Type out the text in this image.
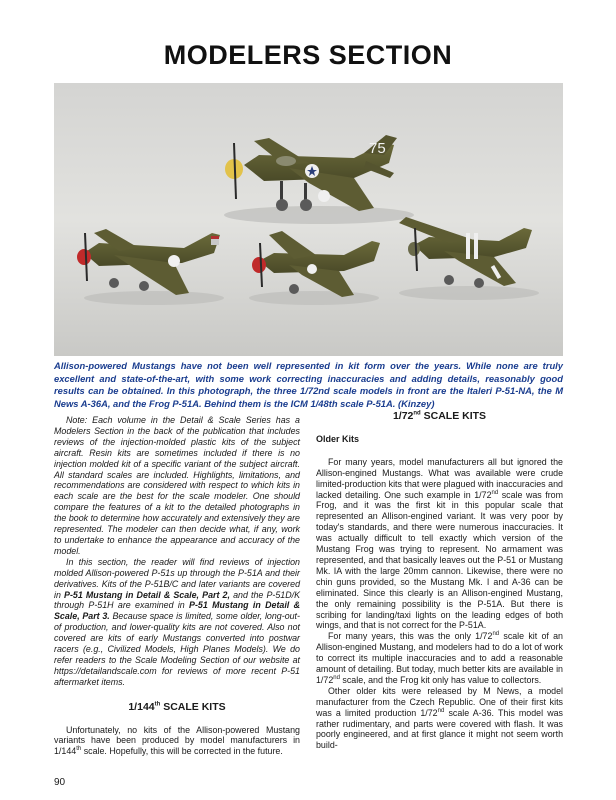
MODELERS SECTION
75
Allison-powered Mustangs have not been well represented in kit form over the years. While none are truly excellent and state-of-the-art, with some work correcting inaccuracies and adding details, reasonably good results can be obtained. In this photograph, the three 1/72nd scale models in front are the Italeri P-51-NA, the M News A-36A, and the Frog P-51A. Behind them is the ICM 1/48th scale P-51A. (Kinzey)

Note: Each volume in the Detail & Scale Series has a Modelers Section in the back of the publication that includes reviews of the injection-molded plastic kits of the subject aircraft. Resin kits are sometimes included if there is no injection molded kit of a specific variant of the subject aircraft. All standard scales are included. Highlights, limitations, and recommendations are considered with respect to which kits in each scale are the best for the scale modeler. One should compare the features of a kit to the detailed photographs in the book to determine how accurately and extensively they are represented. The modeler can then decide what, if any, work to undertake to enhance the appearance and accuracy of the model.

In this section, the reader will find reviews of injection molded Allison-powered P-51s up through the P-51A and their derivatives. Kits of the P-51B/C and later variants are covered in P-51 Mustang in Detail & Scale, Part 2, and the P-51D/K through P-51H are examined in P-51 Mustang in Detail & Scale, Part 3. Because space is limited, some older, long-out-of production, and lower-quality kits are not covered. Also not covered are kits of early Mustangs converted into postwar racers (e.g., Civilized Models, High Planes Models). We do refer readers to the Scale Modeling Section of our website at https://detailandscale.com for reviews of more recent P-51 aftermarket items.

1/144th SCALE KITS

Unfortunately, no kits of the Allison-powered Mustang variants have been produced by model manufacturers in 1/144th scale. Hopefully, this will be corrected in the future.

1/72nd SCALE KITS
Older Kits

For many years, model manufacturers all but ignored the Allison-engined Mustangs. What was available were crude limited-production kits that were plagued with inaccuracies and lacked detailing. One such example in 1/72nd scale was from Frog, and it was the first kit in this popular scale that represented an Allison-engined variant. It was very poor by today's standards, and there were numerous inaccuracies. It was actually difficult to tell exactly which version of the Mustang Frog was trying to represent. No armament was represented, and that basically leaves out the P-51 or Mustang Mk. IA with the large 20mm cannon. Likewise, there were no chin guns provided, so the Mustang Mk. I and A-36 can be eliminated. Since this clearly is an Allison-engined Mustang, the only remaining possibility is the P-51A. But there is scribing for landing/taxi lights on the leading edges of both wings, and that is not correct for the P-51A.

For many years, this was the only 1/72nd scale kit of an Allison-engined Mustang, and modelers had to do a lot of work to correct its multiple inaccuracies and to add a reasonable amount of detailing. But today, much better kits are available in 1/72nd scale, and the Frog kit only has value to collectors.

Other older kits were released by M News, a model manufacturer from the Czech Republic. One of their first kits was a limited production 1/72nd scale A-36. This model was rather rudimentary, and parts were covered with flash. It was poorly engineered, and at first glance it might not seem worth build-

90
